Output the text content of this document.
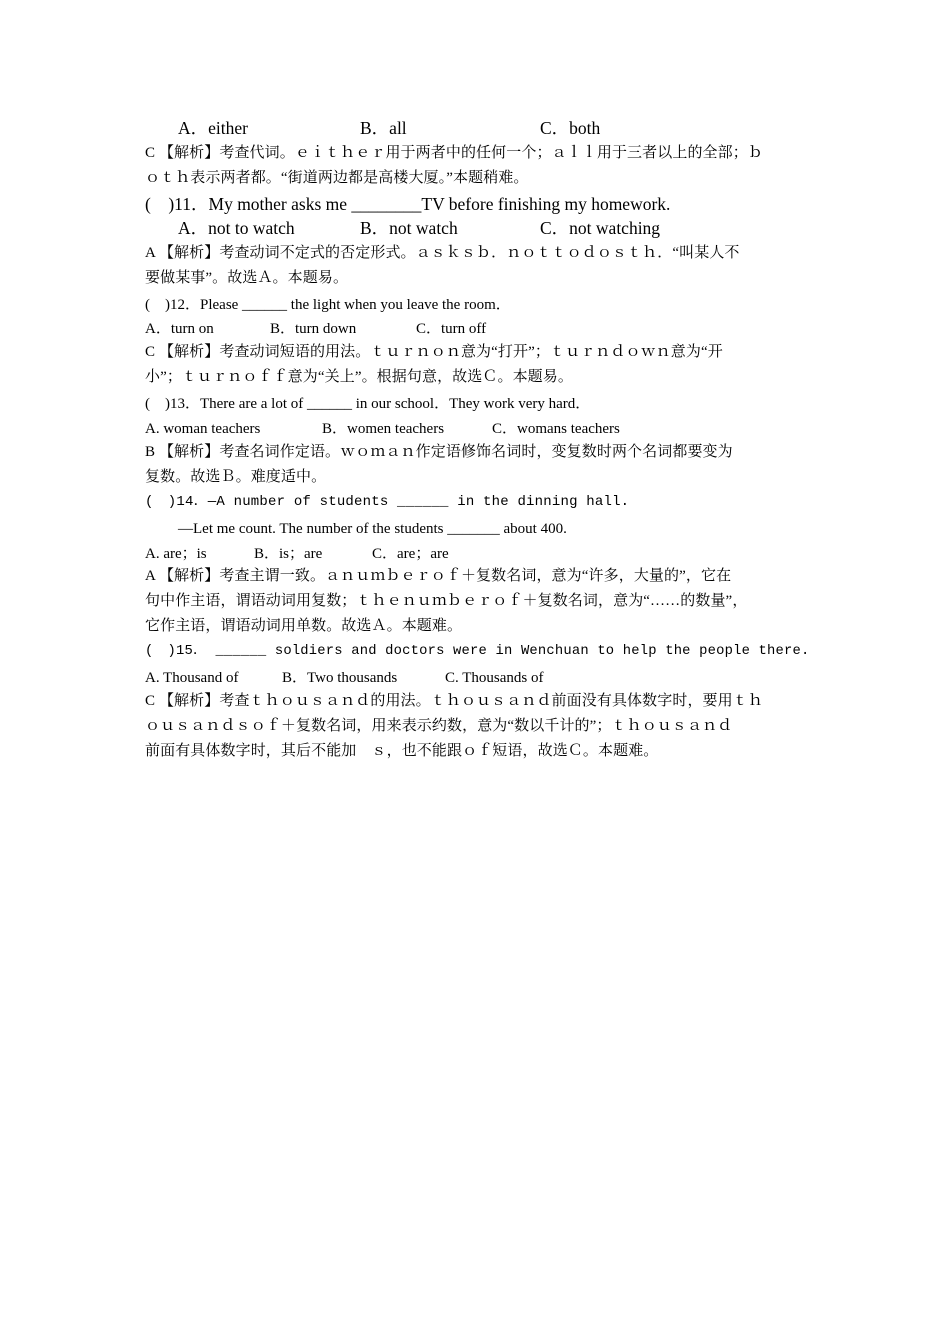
A．either	B．all	C．both
C 【解析】考查代词。ｅｉｔｈｅｒ用于两者中的任何一个；ａｌｌ用于三者以上的全部；ｂ
ｏｔｈ表示两者都。“街道两边都是高楼大厦。”本题稍难。
(　)11．My mother asks me ________TV before finishing my homework.
A．not to watch	B．not watch	C．not watching
A 【解析】考查动词不定式的否定形式。ａｓｋｓｂ．ｎｏｔｔｏｄｏｓｔｈ．“叫某人不
要做某事”。故选Ａ。本题易。
(　)12．Please ______ the light when you leave the room．
A．turn on	B．turn down	C．turn off
C 【解析】考查动词短语的用法。ｔｕｒｎｏｎ意为“打开”；ｔｕｒｎｄｏｗｎ意为“开
小”；ｔｕｒｎｏｆｆ意为“关上”。根据句意，故选Ｃ。本题易。
(　)13．There are a lot of ______ in our school．They work very hard．
A. woman teachers	B．women teachers	C．womans teachers
B 【解析】考查名词作定语。ｗｏｍａｎ作定语修饰名词时，变复数时两个名词都要变为
复数。故选Ｂ。难度适中。
(　)14．—A number of students ______ in the dinning hall.
—Let me count. The number of the students _______ about 400.
A. are；is	B．is；are	C．are；are
A 【解析】考查主谓一致。ａｎｕｍｂｅｒｏｆ＋复数名词，意为“许多，大量的”，它在
句中作主语，谓语动词用复数；ｔｈｅｎｕｍｂｅｒｏｆ＋复数名词，意为“……的数量”，
它作主语，谓语动词用单数。故选Ａ。本题难。
(　)15． ______ soldiers and doctors were in Wenchuan to help the people there.
A. Thousand of	B．Two thousands	C. Thousands of
C 【解析】考查ｔｈｏｕｓａｎｄ的用法。ｔｈｏｕｓａｎｄ前面没有具体数字时，要用ｔｈ
ｏｕｓａｎｄｓｏｆ＋复数名词，用来表示约数，意为“数以千计的”；ｔｈｏｕｓａｎｄ
前面有具体数字时，其后不能加　ｓ，也不能跟ｏｆ短语，故选Ｃ。本题难。
